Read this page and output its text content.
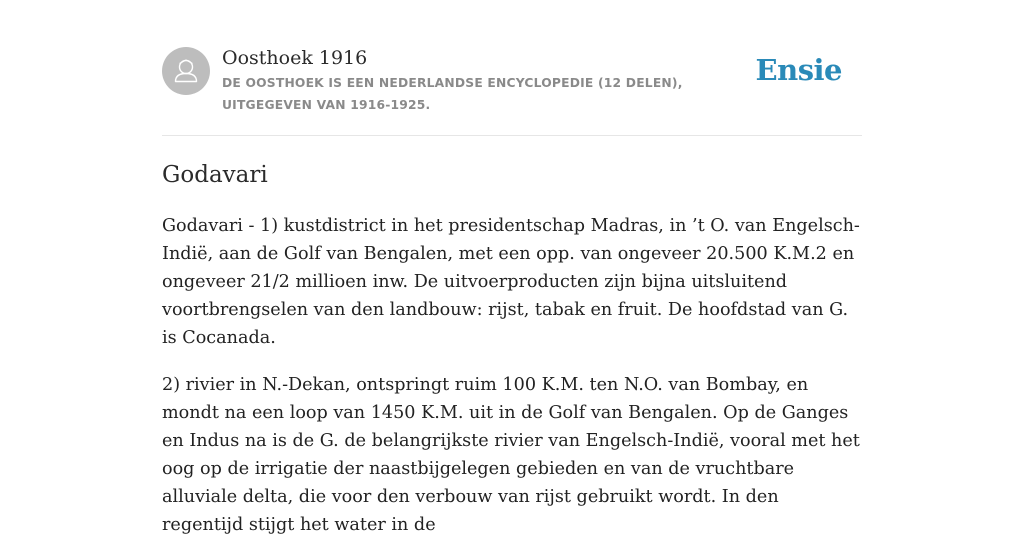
Oosthoek 1916
DE OOSTHOEK IS EEN NEDERLANDSE ENCYCLOPEDIE (12 DELEN), UITGEGEVEN VAN 1916-1925.
Ensie
Godavari

Godavari - 1) kustdistrict in het presidentschap Madras, in ’t O. van Engelsch-Indië, aan de Golf van Bengalen, met een opp. van ongeveer 20.500 K.M.2 en ongeveer 21/2 millioen inw. De uitvoerproducten zijn bijna uitsluitend voortbrengselen van den landbouw: rijst, tabak en fruit. De hoofdstad van G. is Cocanada.

2) rivier in N.-Dekan, ontspringt ruim 100 K.M. ten N.O. van Bombay, en mondt na een loop van 1450 K.M. uit in de Golf van Bengalen. Op de Ganges en Indus na is de G. de belangrijkste rivier van Engelsch-Indië, vooral met het oog op de irrigatie der naastbijgelegen gebieden en van de vruchtbare alluviale delta, die voor den verbouw van rijst gebruikt wordt. In den regentijd stijgt het water in de
